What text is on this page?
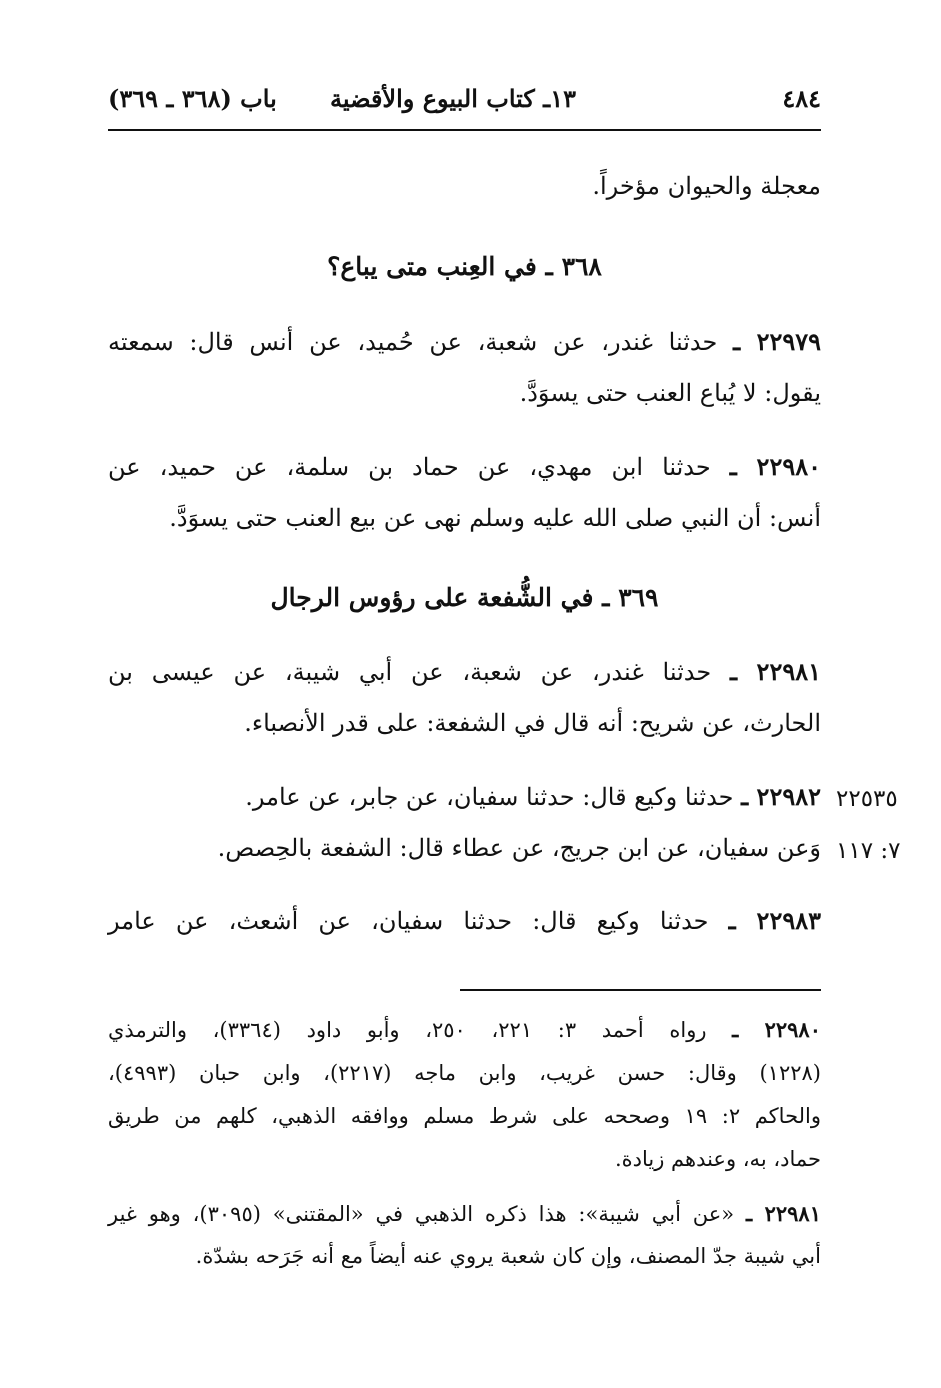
٤٨٤
١٣ـ كتاب البيوع والأقضية
باب (٣٦٨ ـ ٣٦٩)
معجلة والحيوان مؤخراً.
٣٦٨ ـ في العِنب متى يباع؟
٢٢٩٧٩ ـ حدثنا غندر، عن شعبة، عن حُميد، عن أنس قال: سمعته
يقول: لا يُباع العنب حتى يسوَدَّ.
٢٢٩٨٠ ـ حدثنا ابن مهدي، عن حماد بن سلمة، عن حميد، عن
أنس: أن النبي صلى الله عليه وسلم نهى عن بيع العنب حتى يسوَدَّ.
٣٦٩ ـ في الشُّفعة على رؤوس الرجال
٢٢٩٨١ ـ حدثنا غندر، عن شعبة، عن أبي شيبة، عن عيسى بن
الحارث، عن شريح: أنه قال في الشفعة: على قدر الأنصباء.
٢٢٩٨٢ ـ حدثنا وكيع قال: حدثنا سفيان، عن جابر، عن عامر.	٢٢٥٣٥
وَعن سفيان، عن ابن جريج، عن عطاء قال: الشفعة بالحِصص. ٧: ١١٧
٢٢٩٨٣ ـ حدثنا وكيع قال: حدثنا سفيان، عن أشعث، عن عامر
٢٢٩٨٠ ـ رواه أحمد ٣: ٢٢١، ٢٥٠، وأبو داود (٣٣٦٤)، والترمذي
(١٢٢٨) وقال: حسن غريب، وابن ماجه (٢٢١٧)، وابن حبان (٤٩٩٣)،
والحاكم ٢: ١٩ وصححه على شرط مسلم ووافقه الذهبي، كلهم من طريق
حماد، به، وعندهم زيادة.
٢٢٩٨١ ـ «عن أبي شيبة»: هذا ذكره الذهبي في «المقتنى» (٣٠٩٥)، وهو غير
أبي شيبة جدّ المصنف، وإن كان شعبة يروي عنه أيضاً مع أنه جَرَحه بشدّة.
